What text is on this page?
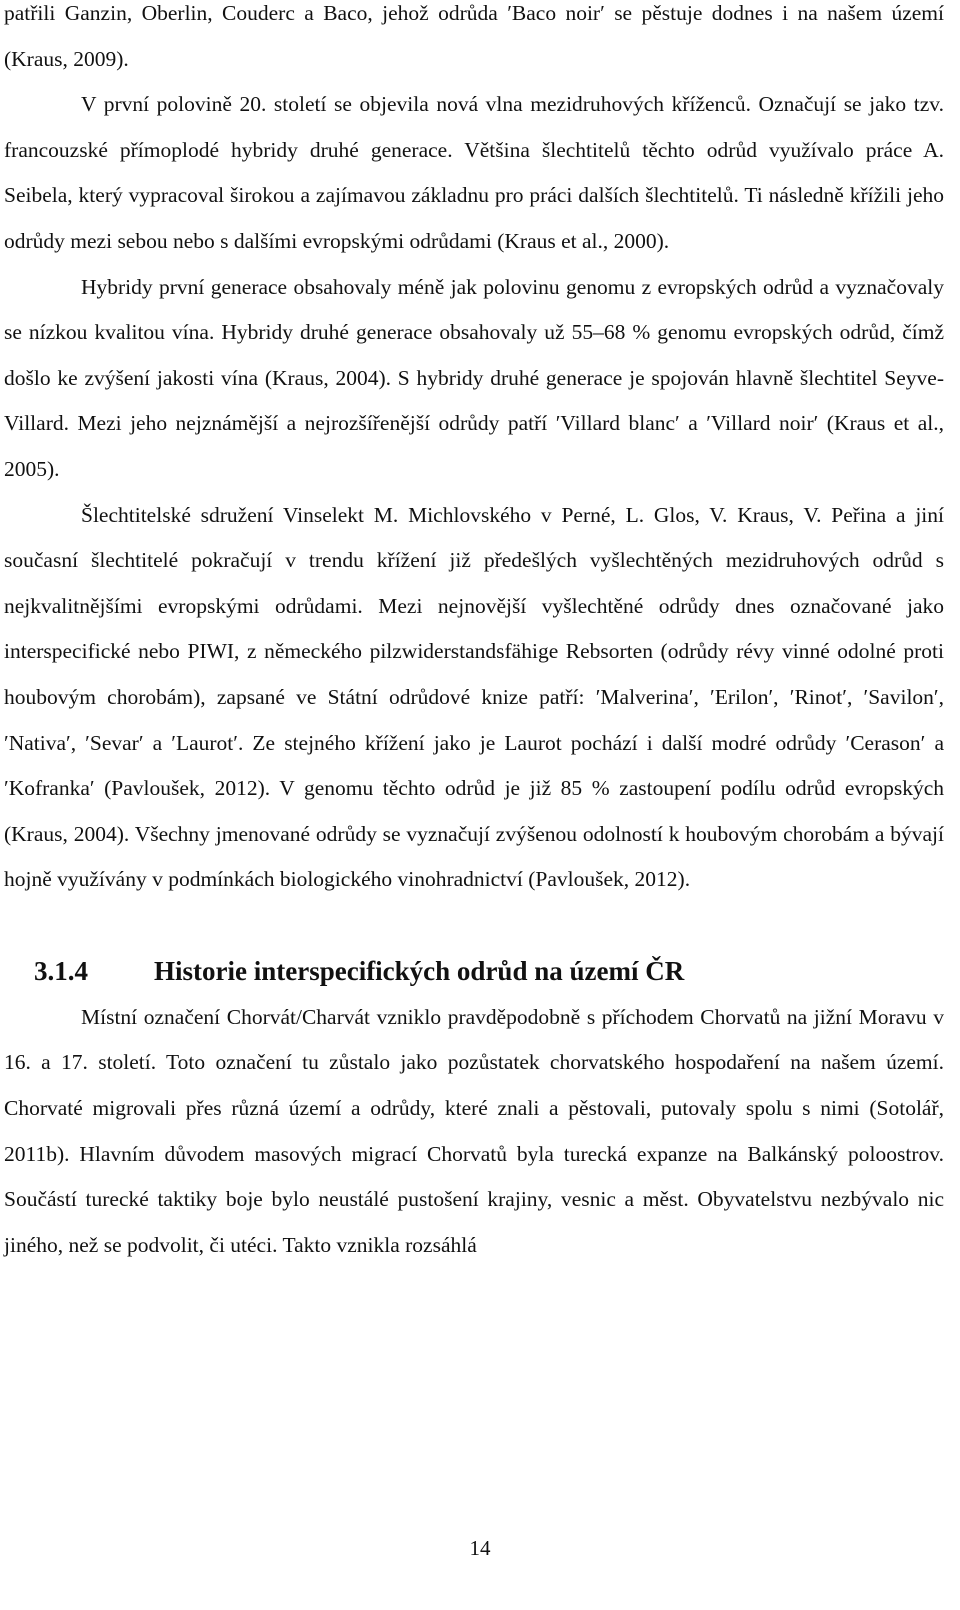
patřili Ganzin, Oberlin, Couderc a Baco, jehož odrůda ′Baco noir′ se pěstuje dodnes i na našem území (Kraus, 2009).

V první polovině 20. století se objevila nová vlna mezidruhových kříženců. Označují se jako tzv. francouzské přímoplodé hybridy druhé generace. Většina šlechtitelů těchto odrůd využívalo práce A. Seibela, který vypracoval širokou a zajímavou základnu pro práci dalších šlechtitelů. Ti následně křížili jeho odrůdy mezi sebou nebo s dalšími evropskými odrůdami (Kraus et al., 2000).

Hybridy první generace obsahovaly méně jak polovinu genomu z evropských odrůd a vyznačovaly se nízkou kvalitou vína. Hybridy druhé generace obsahovaly už 55–68 % genomu evropských odrůd, čímž došlo ke zvýšení jakosti vína (Kraus, 2004). S hybridy druhé generace je spojován hlavně šlechtitel Seyve-Villard. Mezi jeho nejznámější a nejrozšířenější odrůdy patří ′Villard blanc′ a ′Villard noir′ (Kraus et al., 2005).

Šlechtitelské sdružení Vinselekt M. Michlovského v Perné, L. Glos, V. Kraus, V. Peřina a jiní současní šlechtitelé pokračují v trendu křížení již předešlých vyšlechtěných mezidruhových odrůd s nejkvalitnějšími evropskými odrůdami. Mezi nejnovější vyšlechtěné odrůdy dnes označované jako interspecifické nebo PIWI, z německého pilzwiderstandsfähige Rebsorten (odrůdy révy vinné odolné proti houbovým chorobám), zapsané ve Státní odrůdové knize patří: ′Malverina′, ′Erilon′, ′Rinot′, ′Savilon′, ′Nativa′, ′Sevar′ a ′Laurot′. Ze stejného křížení jako je Laurot pochází i další modré odrůdy ′Cerason′ a ′Kofranka′ (Pavloušek, 2012). V genomu těchto odrůd je již 85 % zastoupení podílu odrůd evropských (Kraus, 2004). Všechny jmenované odrůdy se vyznačují zvýšenou odolností k houbovým chorobám a bývají hojně využívány v podmínkách biologického vinohradnictví (Pavloušek, 2012).

3.1.4	Historie interspecifických odrůd na území ČR

Místní označení Chorvát/Charvát vzniklo pravděpodobně s příchodem Chorvatů na jižní Moravu v 16. a 17. století. Toto označení tu zůstalo jako pozůstatek chorvatského hospodaření na našem území. Chorvaté migrovali přes různá území a odrůdy, které znali a pěstovali, putovaly spolu s nimi (Sotolář, 2011b). Hlavním důvodem masových migrací Chorvatů byla turecká expanze na Balkánský poloostrov. Součástí turecké taktiky boje bylo neustálé pustošení krajiny, vesnic a měst. Obyvatelstvu nezbývalo nic jiného, než se podvolit, či utéci. Takto vznikla rozsáhlá

14
